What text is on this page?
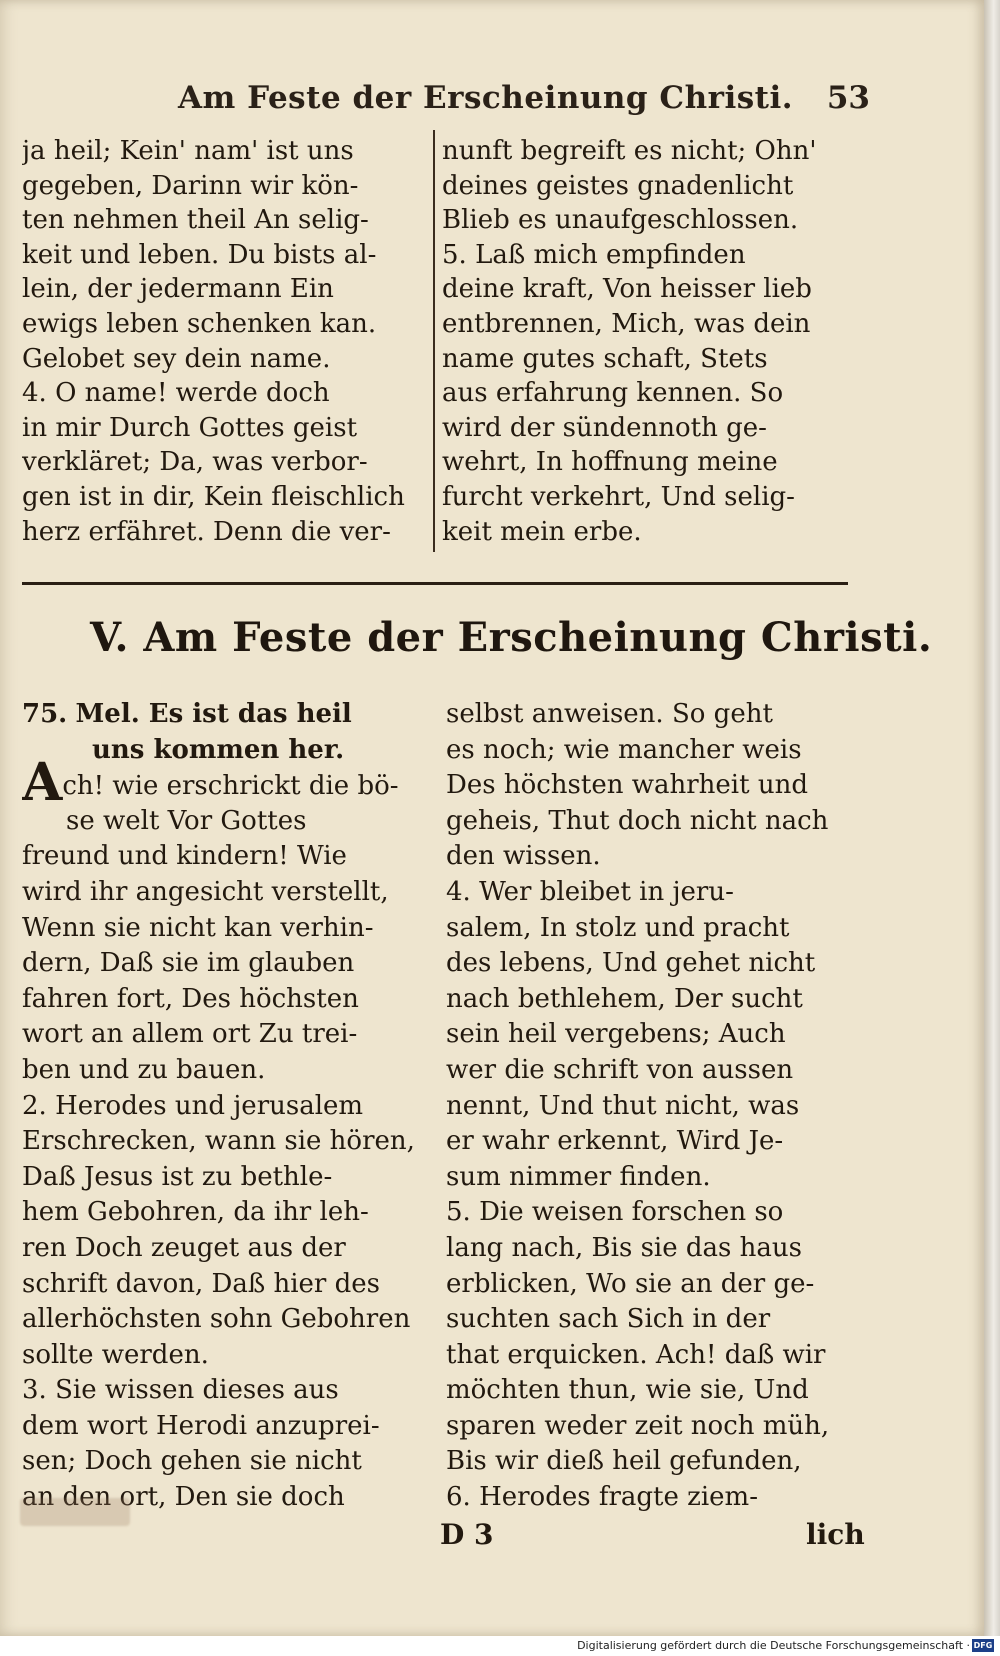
Am Feste der Erscheinung Christi. 53
ja heil; Kein' nam' ist uns
gegeben, Darinn wir kön-
ten nehmen theil An selig-
keit und leben. Du bists al-
lein, der jedermann Ein
ewigs leben schenken kan.
Gelobet sey dein name.
4. O name! werde doch
in mir Durch Gottes geist
verkläret; Da, was verbor-
gen ist in dir, Kein fleischlich
herz erfähret. Denn die ver-
nunft begreift es nicht; Ohn'
deines geistes gnadenlicht
Blieb es unaufgeschlossen.
5. Laß mich empfinden
deine kraft, Von heisser lieb
entbrennen, Mich, was dein
name gutes schaft, Stets
aus erfahrung kennen. So
wird der sündennoth ge-
wehrt, In hoffnung meine
furcht verkehrt, Und selig-
keit mein erbe.
V. Am Feste der Erscheinung Christi.
75. Mel. Es ist das heil
uns kommen her.
Ach! wie erschrickt die bö-
se welt Vor Gottes
freund und kindern! Wie
wird ihr angesicht verstellt,
Wenn sie nicht kan verhin-
dern, Daß sie im glauben
fahren fort, Des höchsten
wort an allem ort Zu trei-
ben und zu bauen.
2. Herodes und jerusalem
Erschrecken, wann sie hören,
Daß Jesus ist zu bethle-
hem Gebohren, da ihr leh-
ren Doch zeuget aus der
schrift davon, Daß hier des
allerhöchsten sohn Gebohren
sollte werden.
3. Sie wissen dieses aus
dem wort Herodi anzuprei-
sen; Doch gehen sie nicht
an den ort, Den sie doch
selbst anweisen. So geht
es noch; wie mancher weis
Des höchsten wahrheit und
geheis, Thut doch nicht nach
den wissen.
4. Wer bleibet in jeru-
salem, In stolz und pracht
des lebens, Und gehet nicht
nach bethlehem, Der sucht
sein heil vergebens; Auch
wer die schrift von aussen
nennt, Und thut nicht, was
er wahr erkennt, Wird Je-
sum nimmer finden.
5. Die weisen forschen so
lang nach, Bis sie das haus
erblicken, Wo sie an der ge-
suchten sach Sich in der
that erquicken. Ach! daß wir
möchten thun, wie sie, Und
sparen weder zeit noch müh,
Bis wir dieß heil gefunden,
6. Herodes fragte ziem-
D 3	lich
Digitalisierung gefördert durch die Deutsche Forschungsgemeinschaft · DFG
